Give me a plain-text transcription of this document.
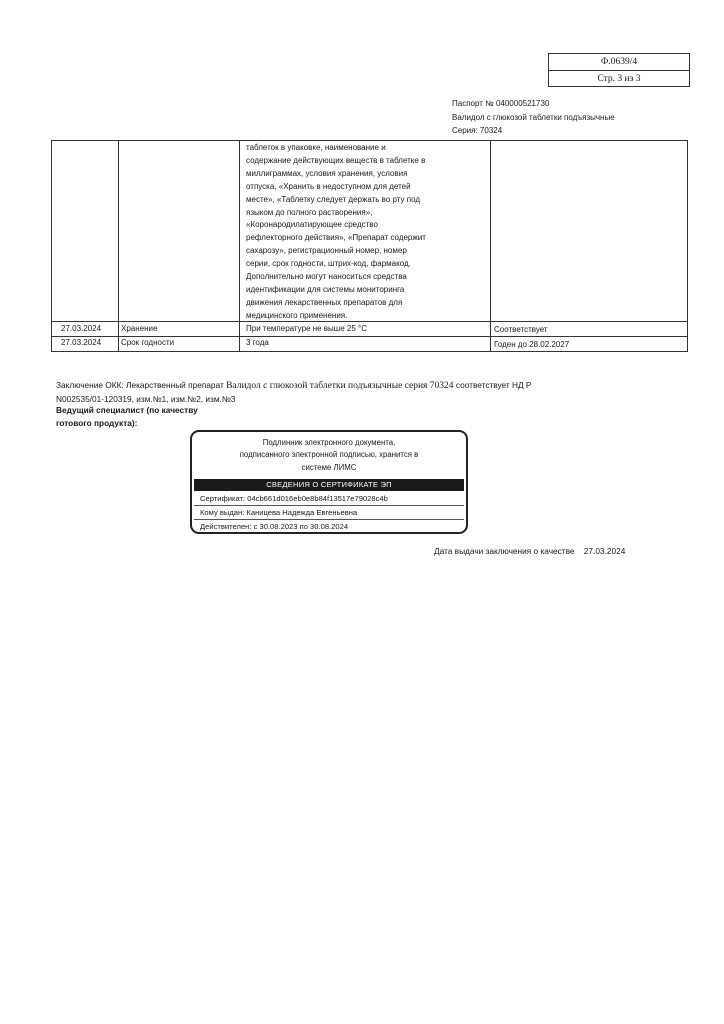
Ф.0639/4
Стр. 3 из 3
Паспорт № 040000521730
Валидол с глюкозой таблетки подъязычные
Серия: 70324
таблеток в упаковке, наименование и
содержание действующих веществ в таблетке в
миллиграммах, условия хранения, условия
отпуска, «Хранить в недоступном для детей
месте», «Таблетку следует держать во рту под
языком до полного растворения»,
«Коронародилатирующее средство
рефлекторного действия», «Препарат содержит
сахарозу», регистрационный номер, номер
серии, срок годности, штрих-код, фармакод.
Дополнительно могут наноситься средства
идентификации для системы мониторинга
движения лекарственных препаратов для
медицинского применения.
27.03.2024 Хранение	При температуре не выше 25 °С	Соответствует
27.03.2024 Срок годности	3 года	Годен до 28.02.2027
Заключение ОКК: Лекарственный препарат Валидол с глюкозой таблетки подъязычные серия 70324 соответствует НД Р
N002535/01-120319, изм.№1, изм.№2, изм.№3
Ведущий специалист (по качеству
готового продукта):
Подлинник электронного документа,
подписанного электронной подписью, хранится в
системе ЛИМС
СВЕДЕНИЯ О СЕРТИФИКАТЕ ЭП
Сертификат: 04cb661d016eb0e8b84f13517e79028c4b
Кому выдан: Каницева Надежда Евгеньевна
Действителен: с 30.08.2023 по 30.08.2024
Дата выдачи заключения о качестве 27.03.2024
